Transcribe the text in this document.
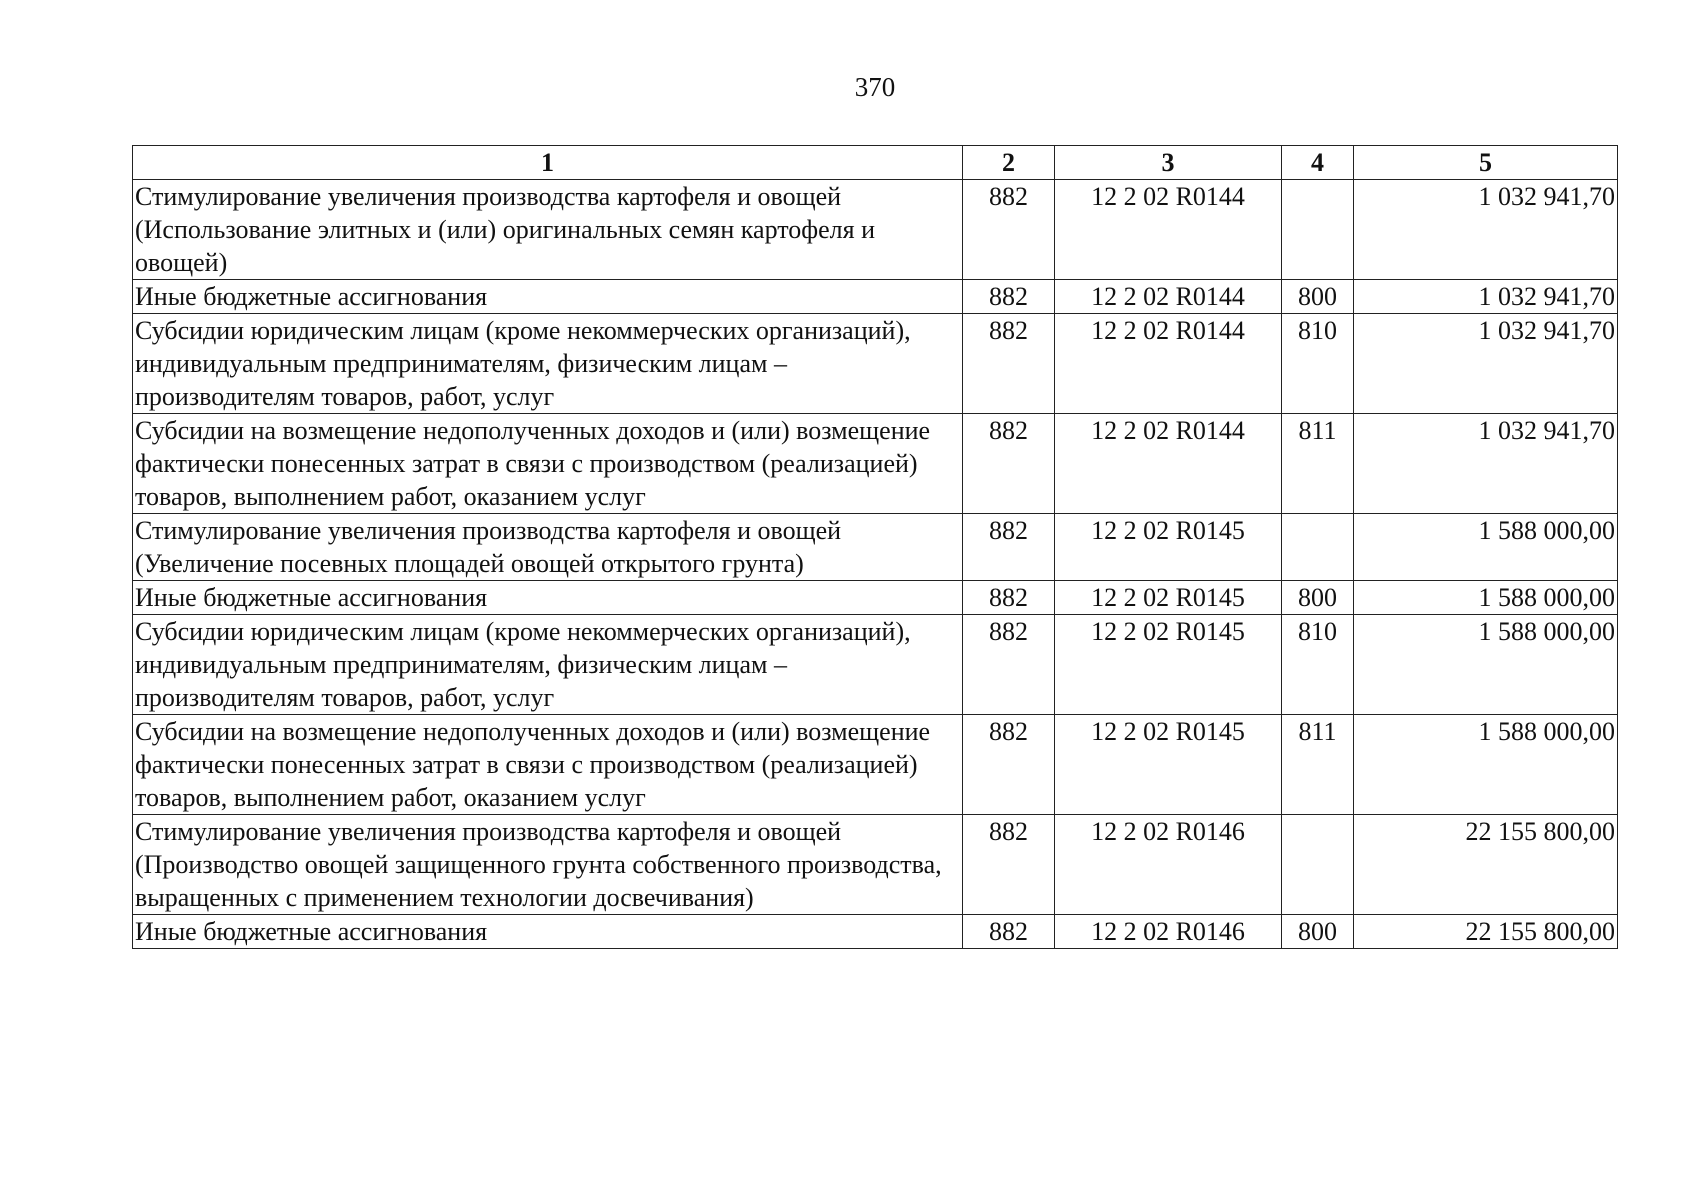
370
1	2	3	4	5
Стимулирование увеличения производства картофеля и овощей (Использование элитных и (или) оригинальных семян картофеля и овощей)	882	12 2 02 R0144		1 032 941,70
Иные бюджетные ассигнования	882	12 2 02 R0144	800	1 032 941,70
Субсидии юридическим лицам (кроме некоммерческих организаций), индивидуальным предпринимателям, физическим лицам – производителям товаров, работ, услуг	882	12 2 02 R0144	810	1 032 941,70
Субсидии на возмещение недополученных доходов и (или) возмещение фактически понесенных затрат в связи с производством (реализацией) товаров, выполнением работ, оказанием услуг	882	12 2 02 R0144	811	1 032 941,70
Стимулирование увеличения производства картофеля и овощей (Увеличение посевных площадей овощей открытого грунта)	882	12 2 02 R0145		1 588 000,00
Иные бюджетные ассигнования	882	12 2 02 R0145	800	1 588 000,00
Субсидии юридическим лицам (кроме некоммерческих организаций), индивидуальным предпринимателям, физическим лицам – производителям товаров, работ, услуг	882	12 2 02 R0145	810	1 588 000,00
Субсидии на возмещение недополученных доходов и (или) возмещение фактически понесенных затрат в связи с производством (реализацией) товаров, выполнением работ, оказанием услуг	882	12 2 02 R0145	811	1 588 000,00
Стимулирование увеличения производства картофеля и овощей (Производство овощей защищенного грунта собственного производства, выращенных с применением технологии досвечивания)	882	12 2 02 R0146		22 155 800,00
Иные бюджетные ассигнования	882	12 2 02 R0146	800	22 155 800,00
